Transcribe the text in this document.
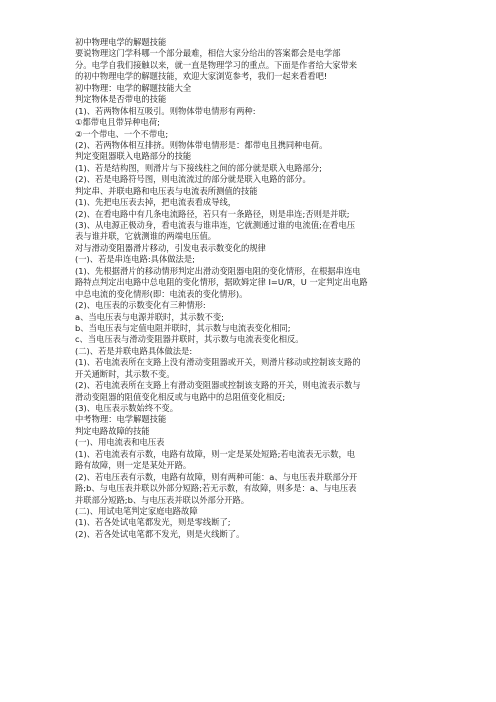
初中物理电学的解题技能
要说物理这门学科哪一个部分最难，相信大家分给出的答案都会是电学部
分。电学自我们接触以来，就一直是物理学习的重点。下面是作者给大家带来
的初中物理电学的解题技能，欢迎大家浏览参考，我们一起来看看吧!
初中物理：电学的解题技能大全
判定物体是否带电的技能
(1)、若两物体相互吸引。则物体带电情形有两种:
①都带电且带异种电荷;
②一个带电、一个不带电;
(2)、若两物体相互排挤。则物体带电情形是：都带电且携同种电荷。
判定变阻器联入电路部分的技能
(1)、若是结构图，则滑片与下接线柱之间的部分就是联入电路部分;
(2)、若是电路符号图，则电流流过的部分就是联入电路的部分。
判定串、并联电路和电压表与电流表所测值的技能
(1)、先把电压表去掉，把电流表看成导线，
(2)、在看电路中有几条电流路径，若只有一条路径，则是串连;否则是并联;
(3)、从电源正极动身，看电流表与谁串连，它就测通过谁的电流值;在看电压
表与谁并联，它就测谁的两端电压值。
对与滑动变阻器滑片移动，引发电表示数变化的规律
(一)、若是串连电路:具体做法是;
(1)、先根据滑片的移动情形判定出滑动变阻器电阻的变化情形，在根据串连电
路特点判定出电路中总电阻的变化情形，据欧姆定律 I=U/R，U 一定判定出电路
中总电流的变化情形(即：电流表的变化情形)。
(2)、电压表的示数变化有三种情形:
a、当电压表与电源并联时，其示数不变;
b、当电压表与定值电阻并联时，其示数与电流表变化相同;
c、当电压表与滑动变阻器并联时，其示数与电流表变化相反。
(二)、若是并联电路具体做法是:
(1)、若电流表所在支路上没有滑动变阻器或开关，则滑片移动或控制该支路的
开关通断时，其示数不变。
(2)、若电流表所在支路上有滑动变阻器或控制该支路的开关，则电流表示数与
滑动变阻器的阻值变化相反或与电路中的总阻值变化相反;
(3)、电压表示数始终不变。
中考物理：电学解题技能
判定电路故障的技能
(一)、用电流表和电压表
(1)、若电流表有示数，电路有故障，则一定是某处短路;若电流表无示数，电
路有故障，则一定是某处开路。
(2)、若电压表有示数，电路有故障，则有两种可能：a、与电压表并联部分开
路;b、与电压表并联以外部分短路;若无示数，有故障，则多是：a、与电压表
并联部分短路;b、与电压表并联以外部分开路。
(二)、用试电笔判定家庭电路故障
(1)、若各处试电笔都发光，则是零线断了;
(2)、若各处试电笔都不发光，则是火线断了。
